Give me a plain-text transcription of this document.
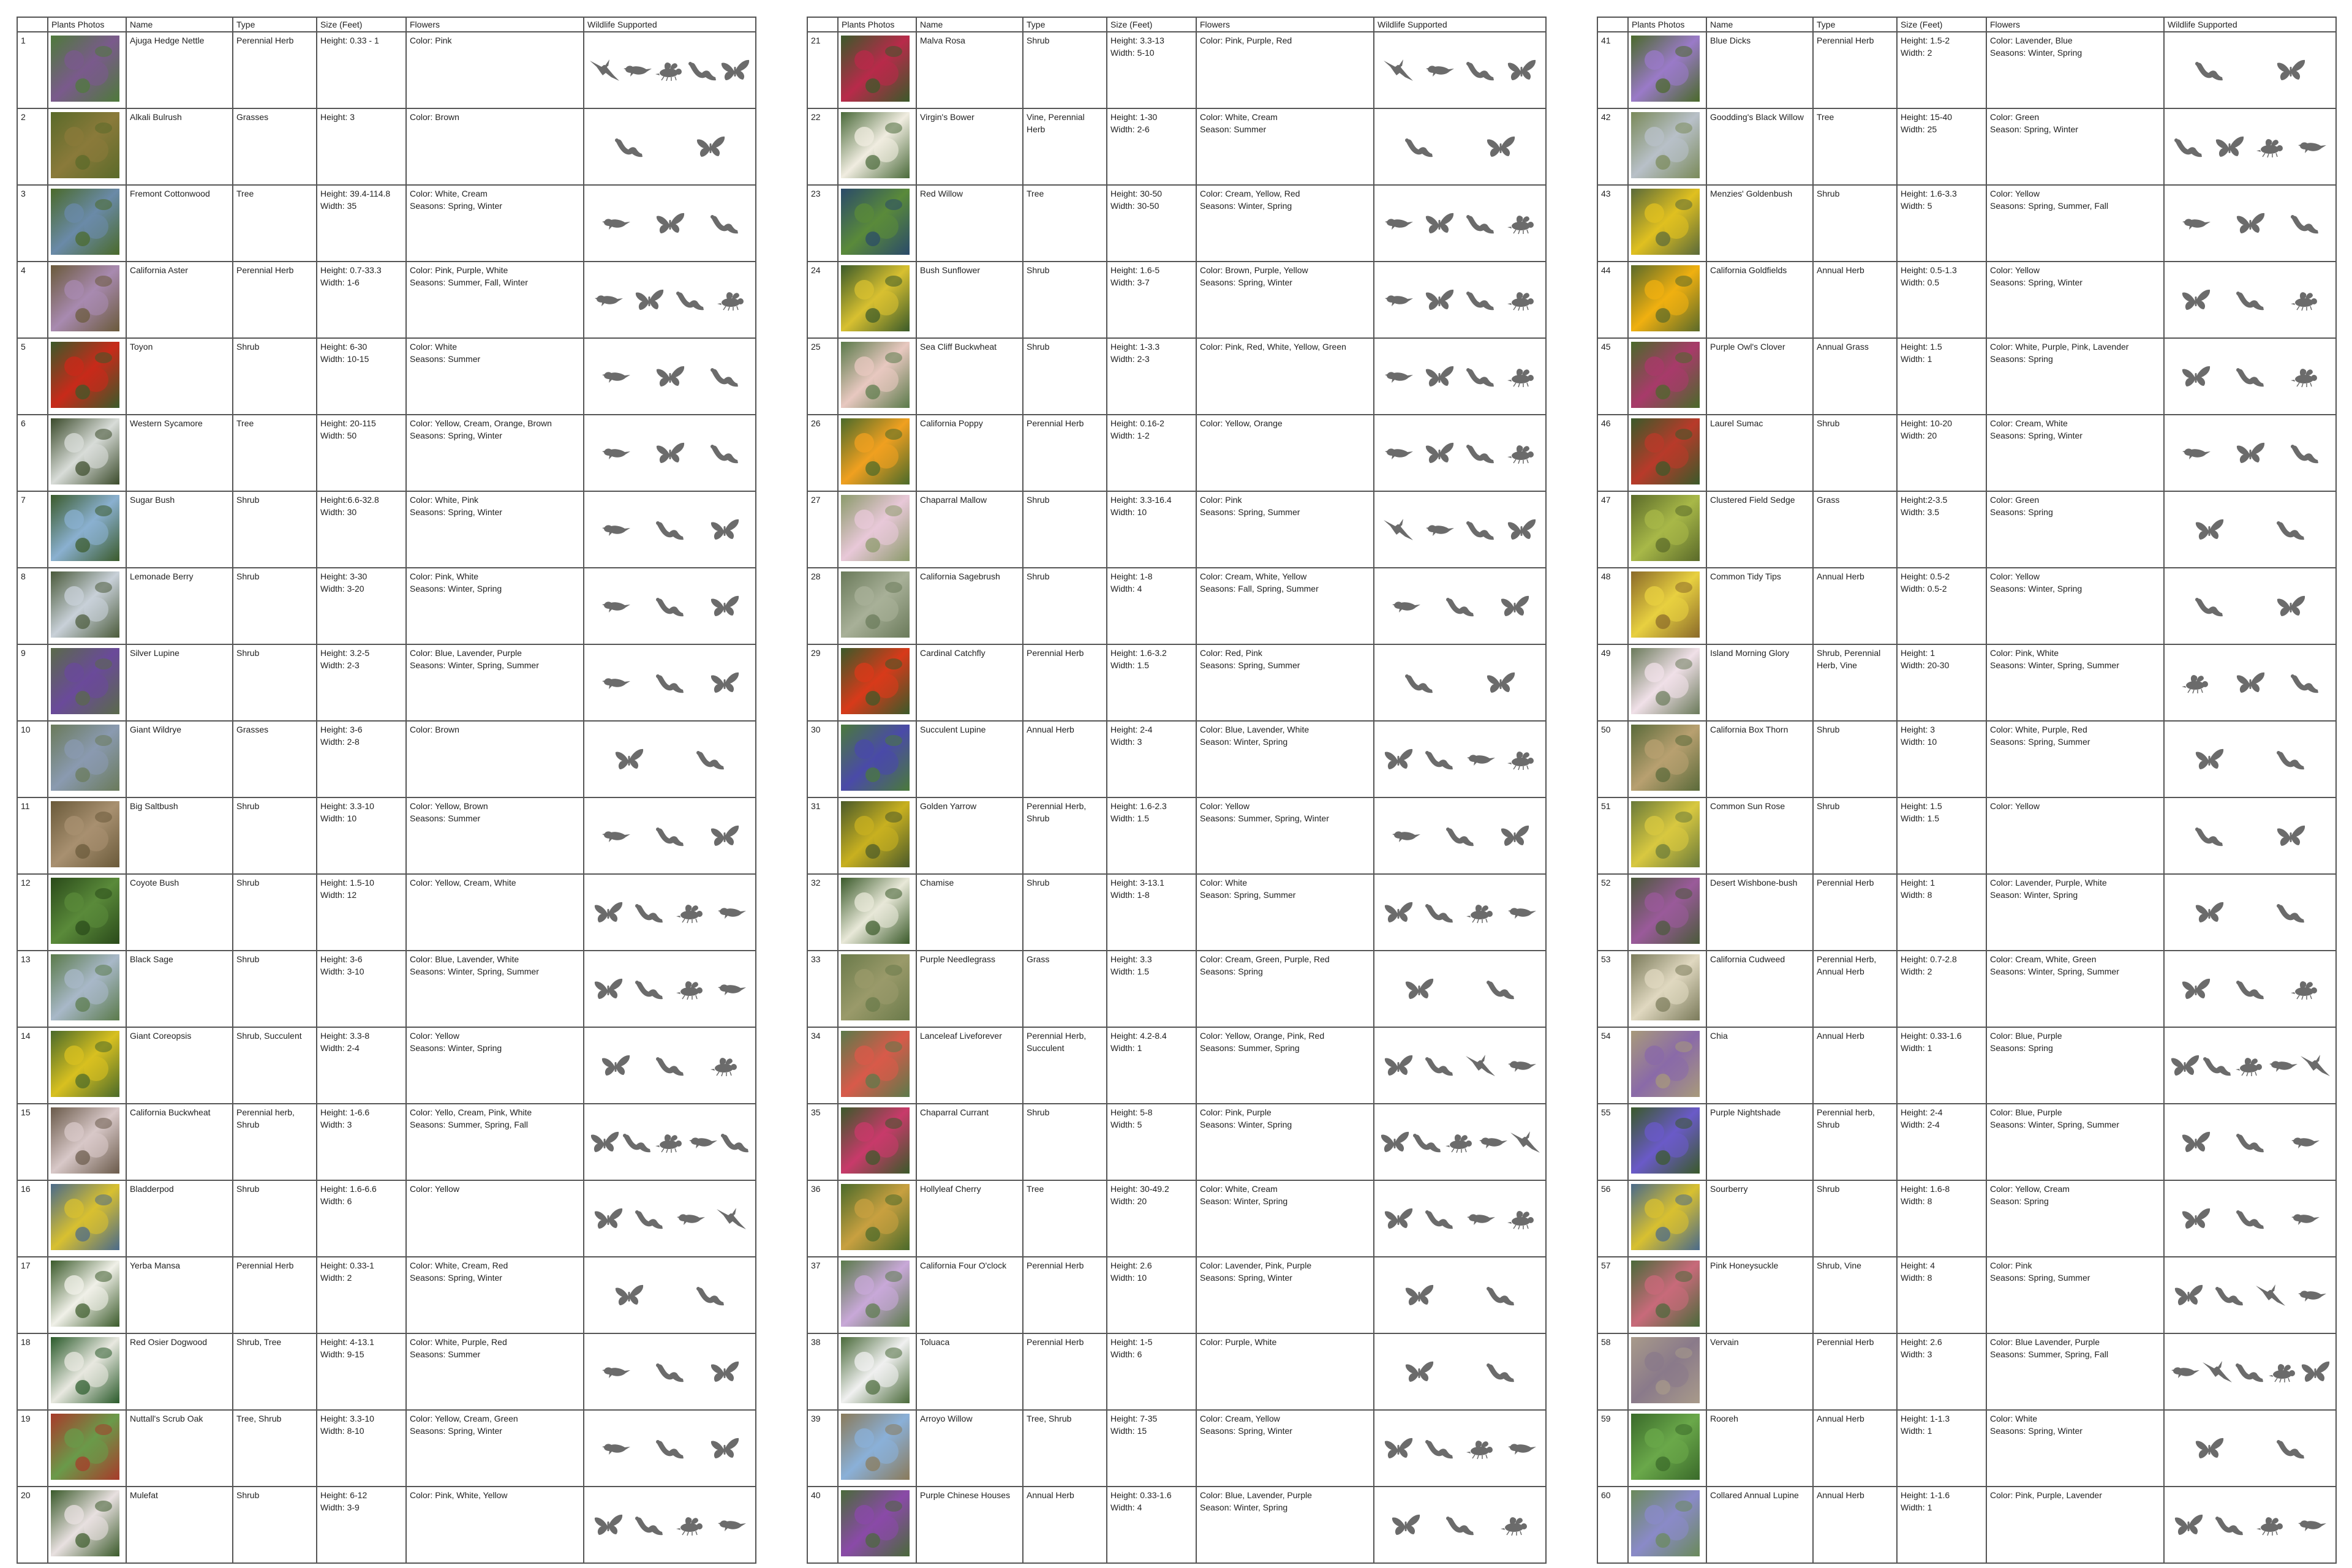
	Plants Photos	Name	Type	Size (Feet)	Flowers	Wildlife Supported
1		Ajuga Hedge Nettle	Perennial Herb	Height: 0.33 - 1	Color: Pink

2		Alkali Bulrush	Grasses	Height: 3	Color: Brown

3		Fremont Cottonwood	Tree	Height: 39.4-114.8
Width: 35	Color: White, Cream
Seasons: Spring, Winter

4		California Aster	Perennial Herb	Height: 0.7-33.3
Width: 1-6	Color: Pink, Purple, White
Seasons: Summer, Fall, Winter

5		Toyon	Shrub	Height: 6-30
Width: 10-15	Color: White
Seasons: Summer

6		Western Sycamore	Tree	Height: 20-115
Width: 50	Color: Yellow, Cream, Orange, Brown
Seasons: Spring, Winter

7		Sugar Bush	Shrub	Height:6.6-32.8
Width: 30	Color: White, Pink
Seasons: Spring, Winter

8		Lemonade Berry	Shrub	Height: 3-30
Width: 3-20	Color: Pink, White
Seasons: Winter, Spring

9		Silver Lupine	Shrub	Height: 3.2-5
Width: 2-3	Color: Blue, Lavender, Purple
Seasons: Winter, Spring, Summer

10		Giant Wildrye	Grasses	Height: 3-6
Width: 2-8	Color: Brown

11		Big Saltbush	Shrub	Height: 3.3-10
Width: 10	Color: Yellow, Brown
Seasons: Summer

12		Coyote Bush	Shrub	Height: 1.5-10
Width: 12	Color: Yellow, Cream, White

13		Black Sage	Shrub	Height: 3-6
Width: 3-10	Color: Blue, Lavender, White
Seasons: Winter, Spring, Summer

14		Giant Coreopsis	Shrub, Succulent	Height: 3.3-8
Width: 2-4	Color: Yellow
Seasons: Winter, Spring

15		California Buckwheat	Perennial herb, Shrub	Height: 1-6.6
Width: 3	Color: Yello, Cream, Pink, White
Seasons: Summer, Spring, Fall

16		Bladderpod	Shrub	Height: 1.6-6.6
Width: 6	Color: Yellow

17		Yerba Mansa	Perennial Herb	Height: 0.33-1
Width: 2	Color: White, Cream, Red
Seasons: Spring, Winter

18		Red Osier Dogwood	Shrub, Tree	Height: 4-13.1
Width: 9-15	Color: White, Purple, Red
Seasons: Summer

19		Nuttall's Scrub Oak	Tree, Shrub	Height: 3.3-10
Width: 8-10	Color: Yellow, Cream, Green
Seasons: Spring, Winter

20		Mulefat	Shrub	Height: 6-12
Width: 3-9	Color: Pink, White, Yellow

	Plants Photos	Name	Type	Size (Feet)	Flowers	Wildlife Supported
21		Malva Rosa	Shrub	Height: 3.3-13
Width: 5-10	Color: Pink, Purple, Red

22		Virgin's Bower	Vine, Perennial Herb	Height: 1-30
Width: 2-6	Color: White, Cream
Season: Summer

23		Red Willow	Tree	Height: 30-50
Width: 30-50	Color: Cream, Yellow, Red
Seasons: Winter, Spring

24		Bush Sunflower	Shrub	Height: 1.6-5
Width: 3-7	Color: Brown, Purple, Yellow
Seasons: Spring, Winter

25		Sea Cliff Buckwheat	Shrub	Height: 1-3.3
Width: 2-3	Color: Pink, Red, White, Yellow, Green

26		California Poppy	Perennial Herb	Height: 0.16-2
Width: 1-2	Color: Yellow, Orange

27		Chaparral Mallow	Shrub	Height: 3.3-16.4
Width: 10	Color: Pink
Seasons: Spring, Summer

28		California Sagebrush	Shrub	Height: 1-8
Width: 4	Color: Cream, White, Yellow
Seasons: Fall, Spring, Summer

29		Cardinal Catchfly	Perennial Herb	Height: 1.6-3.2
Width: 1.5	Color: Red, Pink
Seasons: Spring, Summer

30		Succulent Lupine	Annual Herb	Height: 2-4
Width: 3	Color: Blue, Lavender, White
Season: Winter, Spring

31		Golden Yarrow	Perennial Herb, Shrub	Height: 1.6-2.3
Width: 1.5	Color: Yellow
Seasons: Summer, Spring, Winter

32		Chamise	Shrub	Height: 3-13.1
Width: 1-8	Color: White
Season: Spring, Summer

33		Purple Needlegrass	Grass	Height: 3.3
Width: 1.5	Color: Cream, Green, Purple, Red
Seasons: Spring

34		Lanceleaf Liveforever	Perennial Herb, Succulent	Height: 4.2-8.4
Width: 1	Color: Yellow, Orange, Pink, Red
Seasons: Summer, Spring

35		Chaparral Currant	Shrub	Height: 5-8
Width: 5	Color: Pink, Purple
Seasons: Winter, Spring

36		Hollyleaf Cherry	Tree	Height: 30-49.2
Width: 20	Color: White, Cream
Season: Winter, Spring

37		California Four O'clock	Perennial Herb	Height: 2.6
Width: 10	Color: Lavender, Pink, Purple
Seasons: Spring, Winter

38		Toluaca	Perennial Herb	Height: 1-5
Width: 6	Color: Purple, White

39		Arroyo Willow	Tree, Shrub	Height: 7-35
Width: 15	Color: Cream, Yellow
Seasons: Spring, Winter

40		Purple Chinese Houses	Annual Herb	Height: 0.33-1.6
Width: 4	Color: Blue, Lavender, Purple
Season: Winter, Spring

	Plants Photos	Name	Type	Size (Feet)	Flowers	Wildlife Supported
41		Blue Dicks	Perennial Herb	Height: 1.5-2
Width: 2	Color: Lavender, Blue
Seasons: Winter, Spring

42		Goodding's Black Willow	Tree	Height: 15-40
Width: 25	Color: Green
Season: Spring, Winter

43		Menzies' Goldenbush	Shrub	Height: 1.6-3.3
Width: 5	Color: Yellow
Seasons: Spring, Summer, Fall

44		California Goldfields	Annual Herb	Height: 0.5-1.3
Width: 0.5	Color: Yellow
Seasons: Spring, Winter

45		Purple Owl's Clover	Annual Grass	Height: 1.5
Width: 1	Color: White, Purple, Pink, Lavender
Seasons: Spring

46		Laurel Sumac	Shrub	Height: 10-20
Width: 20	Color: Cream, White
Seasons: Spring, Winter

47		Clustered Field Sedge	Grass	Height:2-3.5
Width: 3.5	Color: Green
Seasons: Spring

48		Common Tidy Tips	Annual Herb	Height: 0.5-2
Width: 0.5-2	Color: Yellow
Seasons: Winter, Spring

49		Island Morning Glory	Shrub, Perennial Herb, Vine	Height: 1
Width: 20-30	Color: Pink, White
Seasons: Winter, Spring, Summer

50		California Box Thorn	Shrub	Height: 3
Width: 10	Color: White, Purple, Red
Seasons: Spring, Summer

51		Common Sun Rose	Shrub	Height: 1.5
Width: 1.5	Color: Yellow

52		Desert Wishbone-bush	Perennial Herb	Height: 1
Width: 8	Color: Lavender, Purple, White
Season: Winter, Spring

53		California Cudweed	Perennial Herb, Annual Herb	Height: 0.7-2.8
Width: 2	Color: Cream, White, Green
Seasons: Winter, Spring, Summer

54		Chia	Annual Herb	Height: 0.33-1.6
Width: 1	Color: Blue, Purple
Seasons: Spring

55		Purple Nightshade	Perennial herb, Shrub	Height: 2-4
Width: 2-4	Color: Blue, Purple
Seasons: Winter, Spring, Summer

56		Sourberry	Shrub	Height: 1.6-8
Width: 8	Color: Yellow, Cream
Season: Spring

57		Pink Honeysuckle	Shrub, Vine	Height: 4
Width: 8	Color: Pink
Seasons: Spring, Summer

58		Vervain	Perennial Herb	Height: 2.6
Width: 3	Color: Blue Lavender, Purple
Seasons: Summer, Spring, Fall

59		Rooreh	Annual Herb	Height: 1-1.3
Width: 1	Color: White
Seasons: Spring, Winter

60		Collared Annual Lupine	Annual Herb	Height: 1-1.6
Width: 1	Color: Pink, Purple, Lavender
